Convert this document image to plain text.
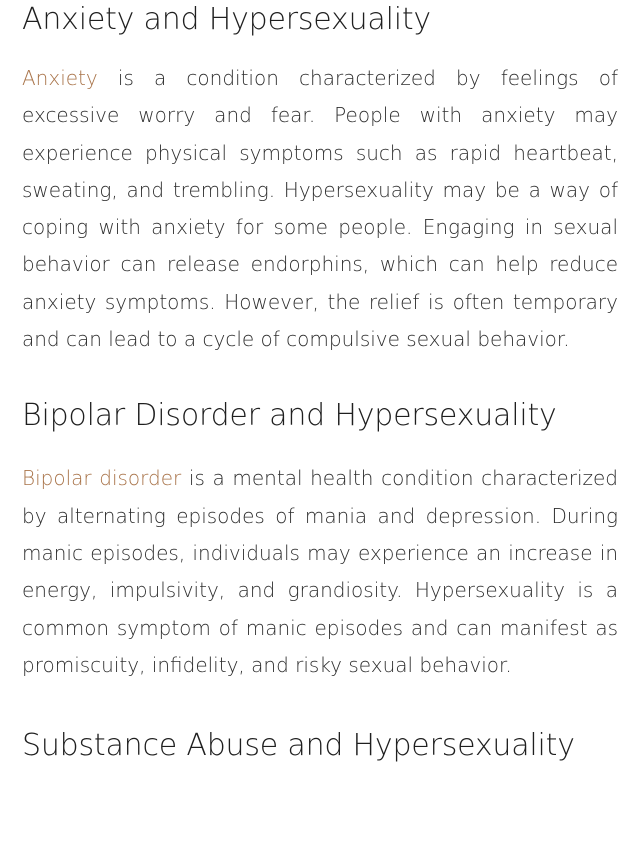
Anxiety and Hypersexuality

Anxiety is a condition characterized by feelings of excessive worry and fear. People with anxiety may experience physical symptoms such as rapid heartbeat, sweating, and trembling. Hypersexuality may be a way of coping with anxiety for some people. Engaging in sexual behavior can release endorphins, which can help reduce anxiety symptoms. However, the relief is often temporary and can lead to a cycle of compulsive sexual behavior.

Bipolar Disorder and Hypersexuality

Bipolar disorder is a mental health condition characterized by alternating episodes of mania and depression. During manic episodes, individuals may experience an increase in energy, impulsivity, and grandiosity. Hypersexuality is a common symptom of manic episodes and can manifest as promiscuity, infidelity, and risky sexual behavior.

Substance Abuse and Hypersexuality
